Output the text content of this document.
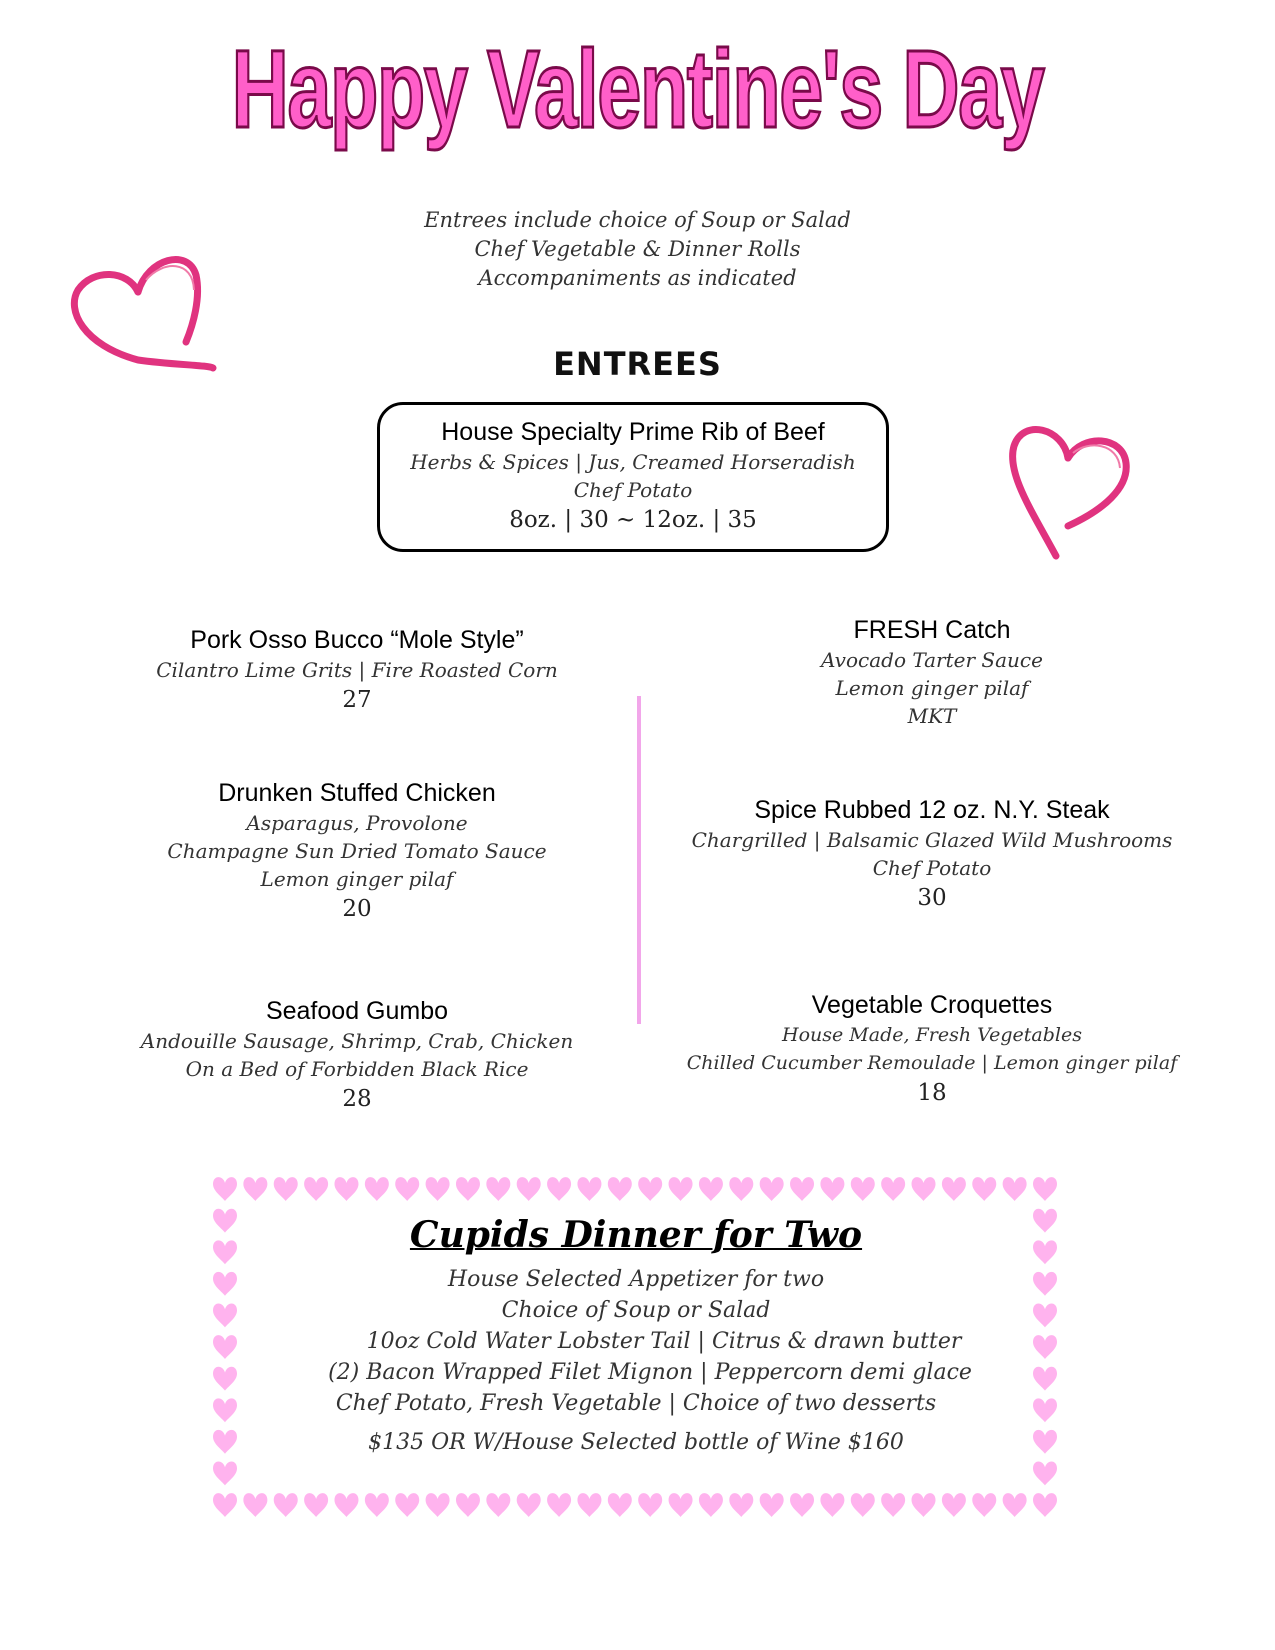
Happy Valentine's Day
Entrees include choice of Soup or Salad
Chef Vegetable & Dinner Rolls
Accompaniments as indicated
ENTREES
House Specialty Prime Rib of Beef
Herbs & Spices | Jus, Creamed Horseradish
Chef Potato
8oz. | 30 ~ 12oz. | 35
Pork Osso Bucco “Mole Style”
Cilantro Lime Grits | Fire Roasted Corn
27
Drunken Stuffed Chicken
Asparagus, Provolone
Champagne Sun Dried Tomato Sauce
Lemon ginger pilaf
20
Seafood Gumbo
Andouille Sausage, Shrimp, Crab, Chicken
On a Bed of Forbidden Black Rice
28
FRESH Catch
Avocado Tarter Sauce
Lemon ginger pilaf
MKT
Spice Rubbed 12 oz. N.Y. Steak
Chargrilled | Balsamic Glazed Wild Mushrooms
Chef Potato
30
Vegetable Croquettes
House Made, Fresh Vegetables
Chilled Cucumber Remoulade | Lemon ginger pilaf
18
Cupids Dinner for Two
House Selected Appetizer for two
Choice of Soup or Salad
10oz Cold Water Lobster Tail | Citrus & drawn butter
(2) Bacon Wrapped Filet Mignon | Peppercorn demi glace
Chef Potato, Fresh Vegetable | Choice of two desserts
$135 OR W/House Selected bottle of Wine $160
